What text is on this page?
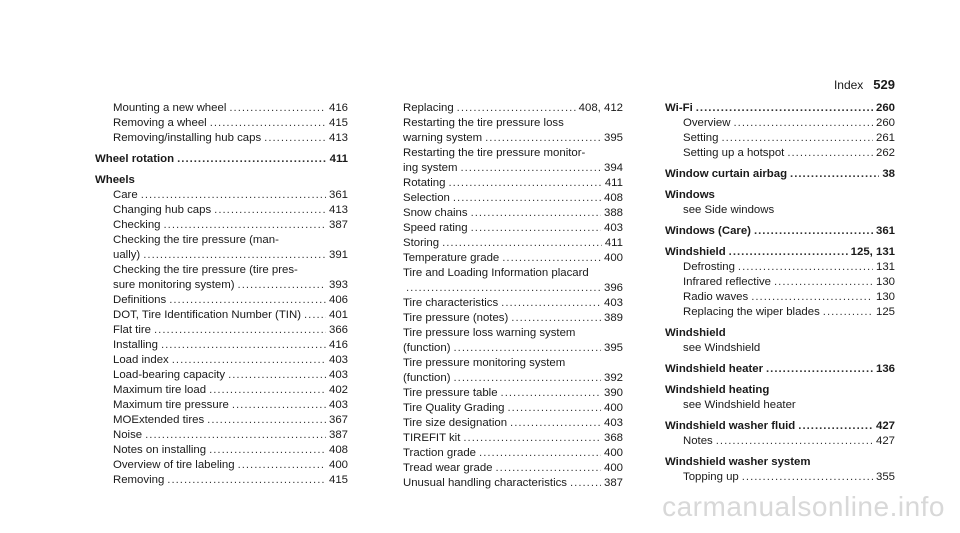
Index 529
Mounting a new wheel .....	416
Removing a wheel .....	415
Removing/installing hub caps .....	413
Wheel rotation .....	411
Wheels
Care .....	361
Changing hub caps .....	413
Checking .....	387
Checking the tire pressure (man-
ually) .....	391
Checking the tire pressure (tire pres-
sure monitoring system) .....	393
Definitions .....	406
DOT, Tire Identification Number (TIN) ..... 401
Flat tire .....	366
Installing .....	416
Load index .....	403
Load-bearing capacity .....	403
Maximum tire load .....	402
Maximum tire pressure .....	403
MOExtended tires .....	367
Noise .....	387
Notes on installing .....	408
Overview of tire labeling .....	400
Removing .....	415
Replacing .....	408, 412
Restarting the tire pressure loss
warning system .....	395
Restarting the tire pressure monitor-
ing system .....	394
Rotating .....	411
Selection .....	408
Snow chains .....	388
Speed rating .....	403
Storing .....	411
Temperature grade .....	400
Tire and Loading Information placard
.....
396
Tire characteristics .....	403
Tire pressure (notes) .....	389
Tire pressure loss warning system
(function) .....	395
Tire pressure monitoring system
(function) .....	392
Tire pressure table .....	390
Tire Quality Grading .....	400
Tire size designation .....	403
TIREFIT kit .....	368
Traction grade .....	400
Tread wear grade .....	400
Unusual handling characteristics .....	387
Wi-Fi .....	260
Overview .....	260
Setting .....	261
Setting up a hotspot .....	262
Window curtain airbag .....	38
Windows
see Side windows
Windows (Care) .....	361
Windshield .....	125, 131
Defrosting .....	131
Infrared reflective .....	130
Radio waves .....	130
Replacing the wiper blades .....	125
Windshield
see Windshield
Windshield heater .....	136
Windshield heating
see Windshield heater
Windshield washer fluid .....	427
Notes .....	427
Windshield washer system
Topping up .....	355
carmanualsonline.info
